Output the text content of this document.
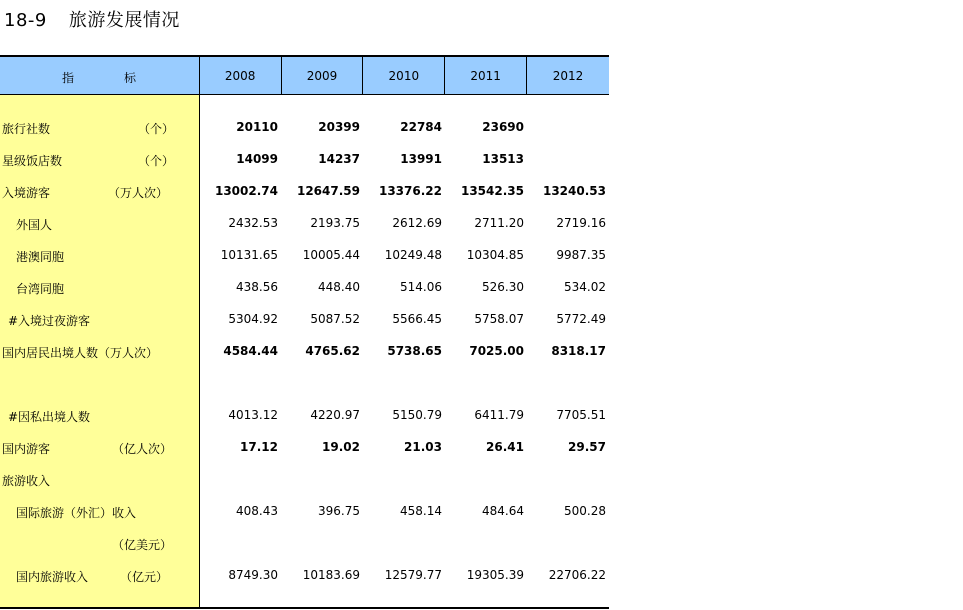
18-9 旅游发展情况
指	标	2008	2009	2010	2011	2012
旅行社数	（个）	20110	20399	22784	23690
星级饭店数	（个）	14099	14237	13991	13513
入境游客	（万人次）	13002.74	12647.59	13376.22	13542.35	13240.53
外国人	2432.53	2193.75	2612.69	2711.20	2719.16
港澳同胞	10131.65	10005.44	10249.48	10304.85	9987.35
台湾同胞	438.56	448.40	514.06	526.30	534.02
#入境过夜游客	5304.92	5087.52	5566.45	5758.07	5772.49
国内居民出境人数（万人次）	4584.44	4765.62	5738.65	7025.00	8318.17
#因私出境人数	4013.12	4220.97	5150.79	6411.79	7705.51
国内游客	（亿人次）	17.12	19.02	21.03	26.41	29.57
旅游收入
国际旅游（外汇）收入	408.43	396.75	458.14	484.64	500.28
（亿美元）
国内旅游收入	（亿元）	8749.30	10183.69	12579.77	19305.39	22706.22
